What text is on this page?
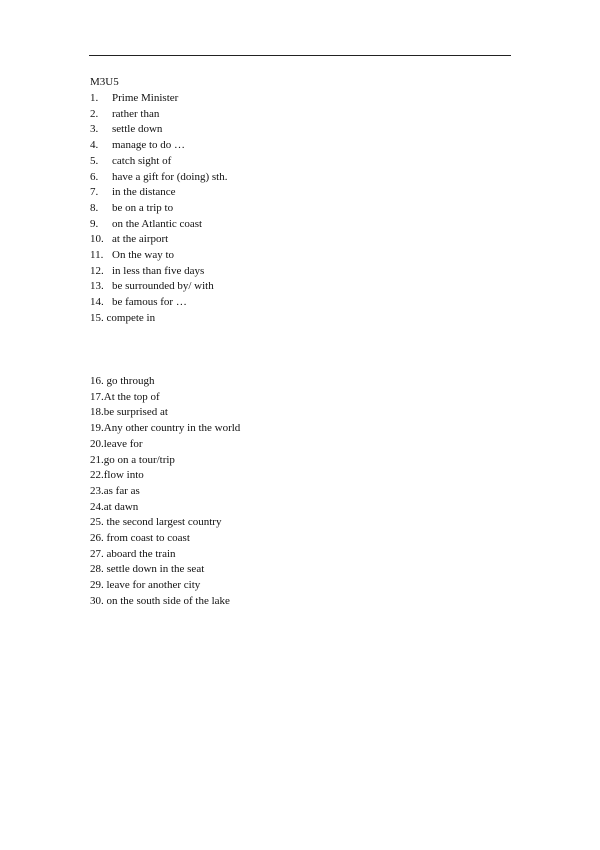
M3U5
1. Prime Minister
2. rather than
3. settle down
4. manage to do …
5. catch sight of
6. have a gift for (doing) sth.
7. in the distance
8. be on a trip to
9. on the Atlantic coast
10. at the airport
11. On the way to
12. in less than five days
13. be surrounded by/ with
14. be famous for …
15. compete in
16. go through
17.At the top of
18.be surprised at
19.Any other country in the world
20.leave for
21.go on a tour/trip
22.flow into
23.as far as
24.at dawn
25. the second largest country
26. from coast to coast
27. aboard the train
28. settle down in the seat
29. leave for another city
30. on the south side of the lake
